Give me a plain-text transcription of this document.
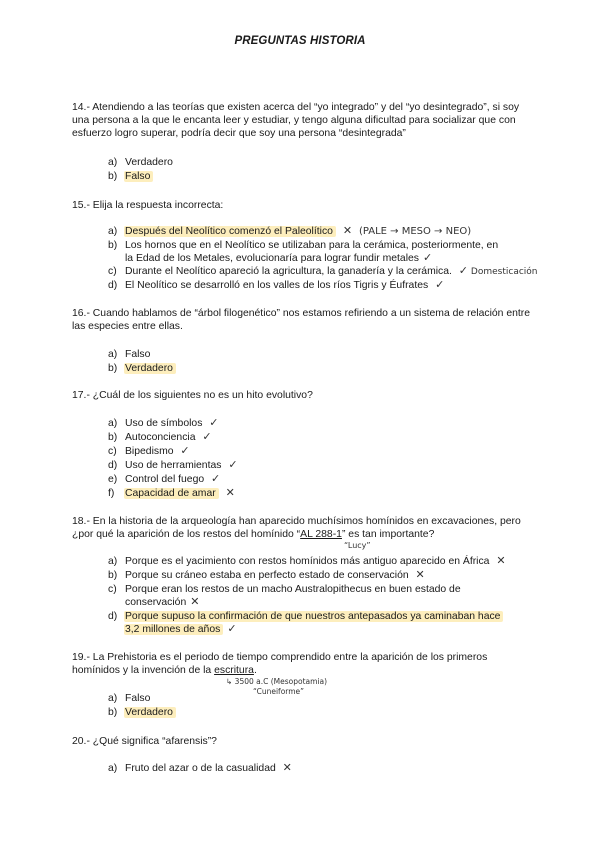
PREGUNTAS HISTORIA
14.- Atendiendo a las teorías que existen acerca del “yo integrado” y del “yo desintegrado”, si soy una persona a la que le encanta leer y estudiar, y tengo alguna dificultad para socializar que con esfuerzo logro superar, podría decir que soy una persona “desintegrada”
a) Verdadero
b) Falso
15.- Elija la respuesta incorrecta:
a) Después del Neolítico comenzó el Paleolítico ✕ (PALE → MESO → NEO)
b) Los hornos que en el Neolítico se utilizaban para la cerámica, posteriormente, en
la Edad de los Metales, evolucionaría para lograr fundir metales ✓
c) Durante el Neolítico apareció la agricultura, la ganadería y la cerámica. ✓ Domesticación
d) El Neolítico se desarrolló en los valles de los ríos Tigris y Éufrates ✓
16.- Cuando hablamos de “árbol filogenético” nos estamos refiriendo a un sistema de relación entre las especies entre ellas.
a) Falso
b) Verdadero
17.- ¿Cuál de los siguientes no es un hito evolutivo?
a) Uso de símbolos ✓
b) Autoconciencia ✓
c) Bipedismo ✓
d) Uso de herramientas ✓
e) Control del fuego ✓
f) Capacidad de amar ✕
18.- En la historia de la arqueología han aparecido muchísimos homínidos en excavaciones, pero ¿por qué la aparición de los restos del homínido “AL 288-1” es tan importante?
“Lucy”
a) Porque es el yacimiento con restos homínidos más antiguo aparecido en África ✕
b) Porque su cráneo estaba en perfecto estado de conservación ✕
c) Porque eran los restos de un macho Australopithecus en buen estado de
conservación ✕
d) Porque supuso la confirmación de que nuestros antepasados ya caminaban hace
3,2 millones de años ✓
19.- La Prehistoria es el periodo de tiempo comprendido entre la aparición de los primeros homínidos y la invención de la escritura.
↳ 3500 a.C (Mesopotamia)
“Cuneiforme”
a) Falso
b) Verdadero
20.- ¿Qué significa “afarensis”?
a) Fruto del azar o de la casualidad ✕
